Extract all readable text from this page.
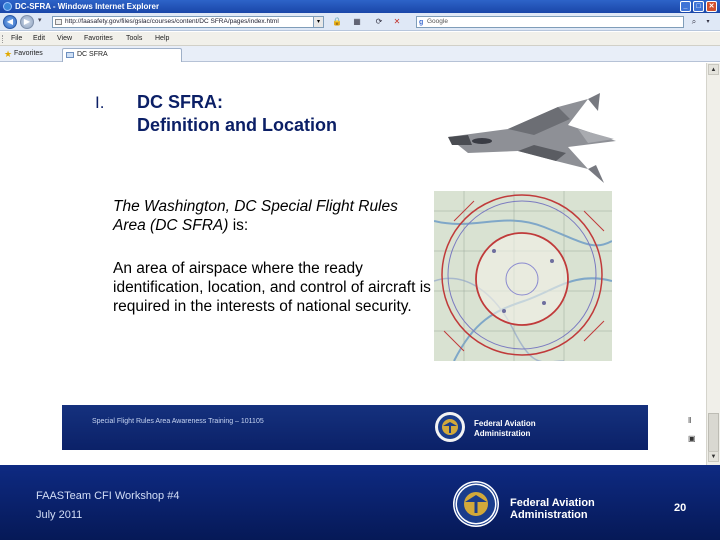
DC-SFRA - Windows Internet Explorer	_	□	✕
◀	▶	▾	http://faasafety.gov/files/gslac/courses/content/DC SFRA/pages/index.html	▾	🔒	▦	⟳	✕	g Google	⌕	▾
File Edit View Favorites Tools Help
★ Favorites	DC SFRA
I. DC SFRA:
Definition and Location
The Washington, DC Special Flight Rules Area (DC SFRA) is:
An area of airspace where the ready identification, location, and control of aircraft is required in the interests of national security.
Special Flight Rules Area Awareness Training – 101105	Federal Aviation
Administration
‖
▣
▲
▼
FAASTeam CFI Workshop #4
July 2011
Federal Aviation
Administration
20
